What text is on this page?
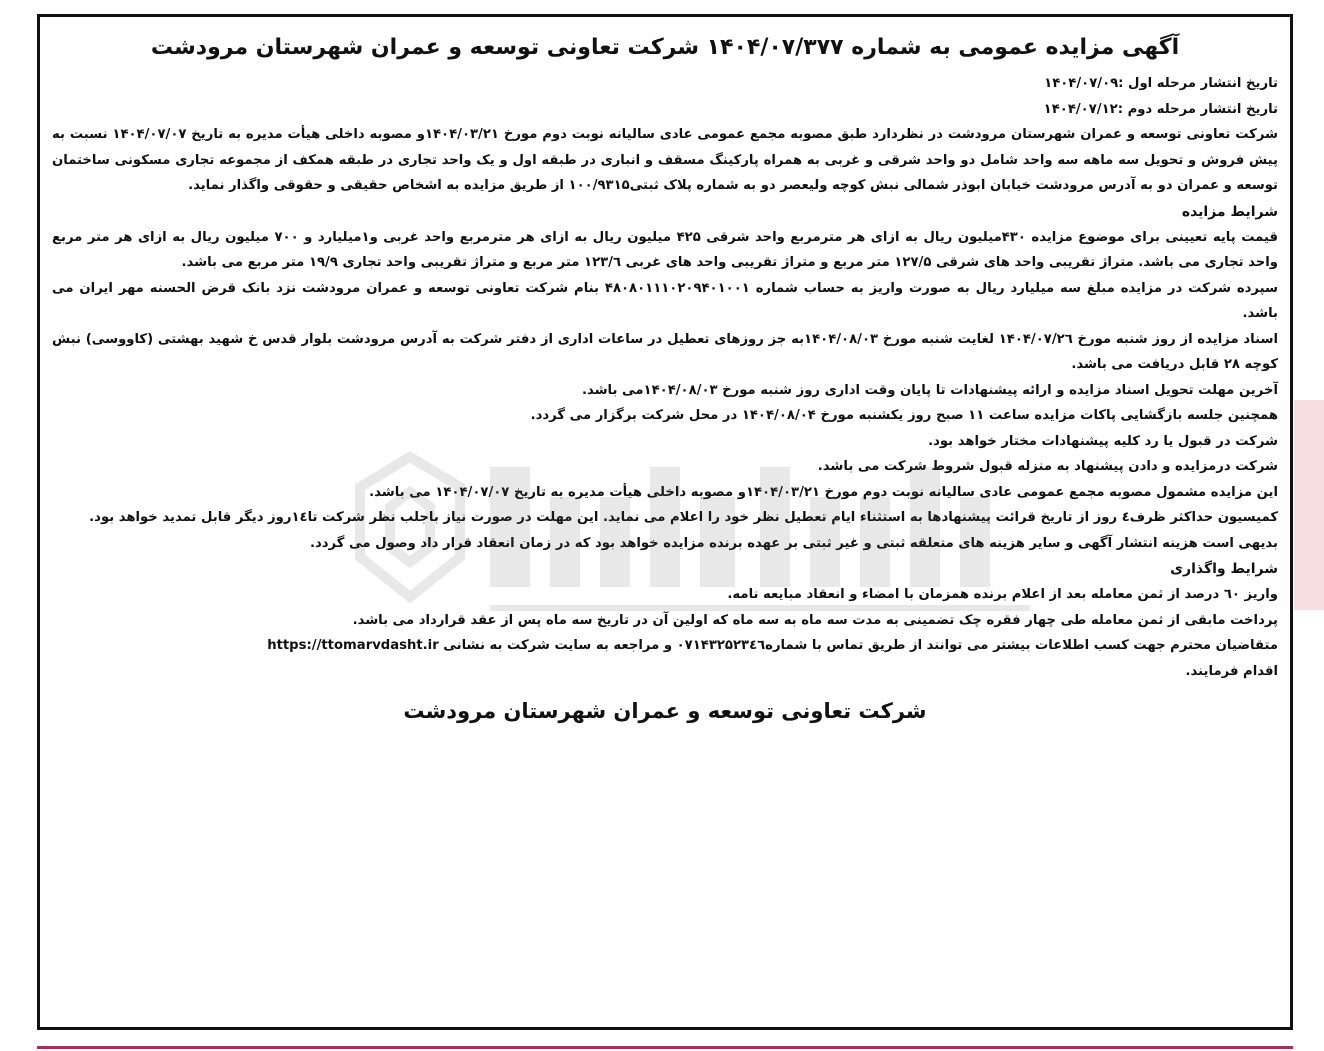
آگهی مزایده عمومی به شماره ۱۴۰۴/۰۷/۳۷۷ شرکت تعاونی توسعه و عمران شهرستان مرودشت
تاریخ انتشار مرحله اول :۱۴۰۴/۰۷/۰۹
تاریخ انتشار مرحله دوم :۱۴۰۴/۰۷/۱۲
شرکت تعاونی توسعه و عمران شهرستان مرودشت در نظردارد طبق مصوبه مجمع عمومی عادی سالیانه نوبت دوم مورخ ۱۴۰۴/۰۳/۲۱و مصوبه داخلی هیأت مدیره به تاریخ ۱۴۰۴/۰۷/۰۷ نسبت به پیش فروش و تحویل سه ماهه سه واحد شامل دو واحد شرقی و غربی به همراه پارکینگ مسقف و انباری در طبقه اول و یک واحد تجاری در طبقه همکف از مجموعه تجاری مسکونی ساختمان توسعه و عمران دو به آدرس مرودشت خیابان ابوذر شمالی نبش کوچه ولیعصر دو به شماره پلاک ثبتی۱۰۰/۹۳۱۵ از طریق مزایده به اشخاص حقیقی و حقوقی واگذار نماید.
شرایط مزایده
قیمت پایه تعیینی برای موضوع مزایده ۴۳۰میلیون ریال به ازای هر مترمربع واحد شرقی ۴۲۵ میلیون ریال به ازای هر مترمربع واحد غربی و۱میلیارد و ۷۰۰ میلیون ریال به ازای هر متر مربع واحد تجاری می باشد. متراژ تقریبی واحد های شرقی ۱۲۷/۵ متر مربع و متراژ تقریبی واحد های غربی ۱۲۳/٦ متر مربع و متراژ تقریبی واحد تجاری ۱۹/۹ متر مربع می باشد.
سپرده شرکت در مزایده مبلغ سه میلیارد ریال به صورت واریز به حساب شماره ۴۸۰۸۰۱۱۱۰۲۰۹۴۰۱۰۰۱ بنام شرکت تعاونی توسعه و عمران مرودشت نزد بانک قرض الحسنه مهر ایران می باشد.
اسناد مزایده از روز شنبه مورخ ۱۴۰۴/۰۷/۲٦ لغایت شنبه مورخ ۱۴۰۴/۰۸/۰۳به جز روزهای تعطیل در ساعات اداری از دفتر شرکت به آدرس مرودشت بلوار قدس خ شهید بهشتی (کاووسی) نبش کوچه ۲۸ قابل دریافت می باشد.
آخرین مهلت تحویل اسناد مزایده و ارائه پیشنهادات تا پایان وقت اداری روز شنبه مورخ ۱۴۰۴/۰۸/۰۳می باشد.
همچنین جلسه بازگشایی پاکات مزایده ساعت ۱۱ صبح روز یکشنبه مورخ ۱۴۰۴/۰۸/۰۴ در محل شرکت برگزار می گردد.
شرکت در قبول یا رد کلیه پیشنهادات مختار خواهد بود.
شرکت درمزایده و دادن پیشنهاد به منزله قبول شروط شرکت می باشد.
این مزایده مشمول مصوبه مجمع عمومی عادی سالیانه نوبت دوم مورخ ۱۴۰۴/۰۳/۲۱و مصوبه داخلی هیأت مدیره به تاریخ ۱۴۰۴/۰۷/۰۷ می باشد.
کمیسیون حداکثر ظرف٤ روز از تاریخ قرائت پیشنهادها به استثناء ایام تعطیل نظر خود را اعلام می نماید. این مهلت در صورت نیاز باجلب نظر شرکت تا۱٤روز دیگر قابل تمدید خواهد بود.
بدیهی است هزینه انتشار آگهی و سایر هزینه های متعلقه ثبتی و غیر ثبتی بر عهده برنده مزایده خواهد بود که در زمان انعقاد قرار داد وصول می گردد.
شرایط واگذاری
واریز ٦۰ درصد از ثمن معامله بعد از اعلام برنده همزمان با امضاء و انعقاد مبایعه نامه.
پرداخت مابقی از ثمن معامله طی چهار فقره چک تضمینی به مدت سه ماه به سه ماه که اولین آن در تاریخ سه ماه پس از عقد قرارداد می باشد.
متقاضیان محترم جهت کسب اطلاعات بیشتر می توانند از طریق تماس با شماره۰۷۱۴۳۲۵۲۳٤٦ و مراجعه به سایت شرکت به نشانی https://ttomarvdasht.ir
اقدام فرمایند.
شرکت تعاونی توسعه و عمران شهرستان مرودشت
